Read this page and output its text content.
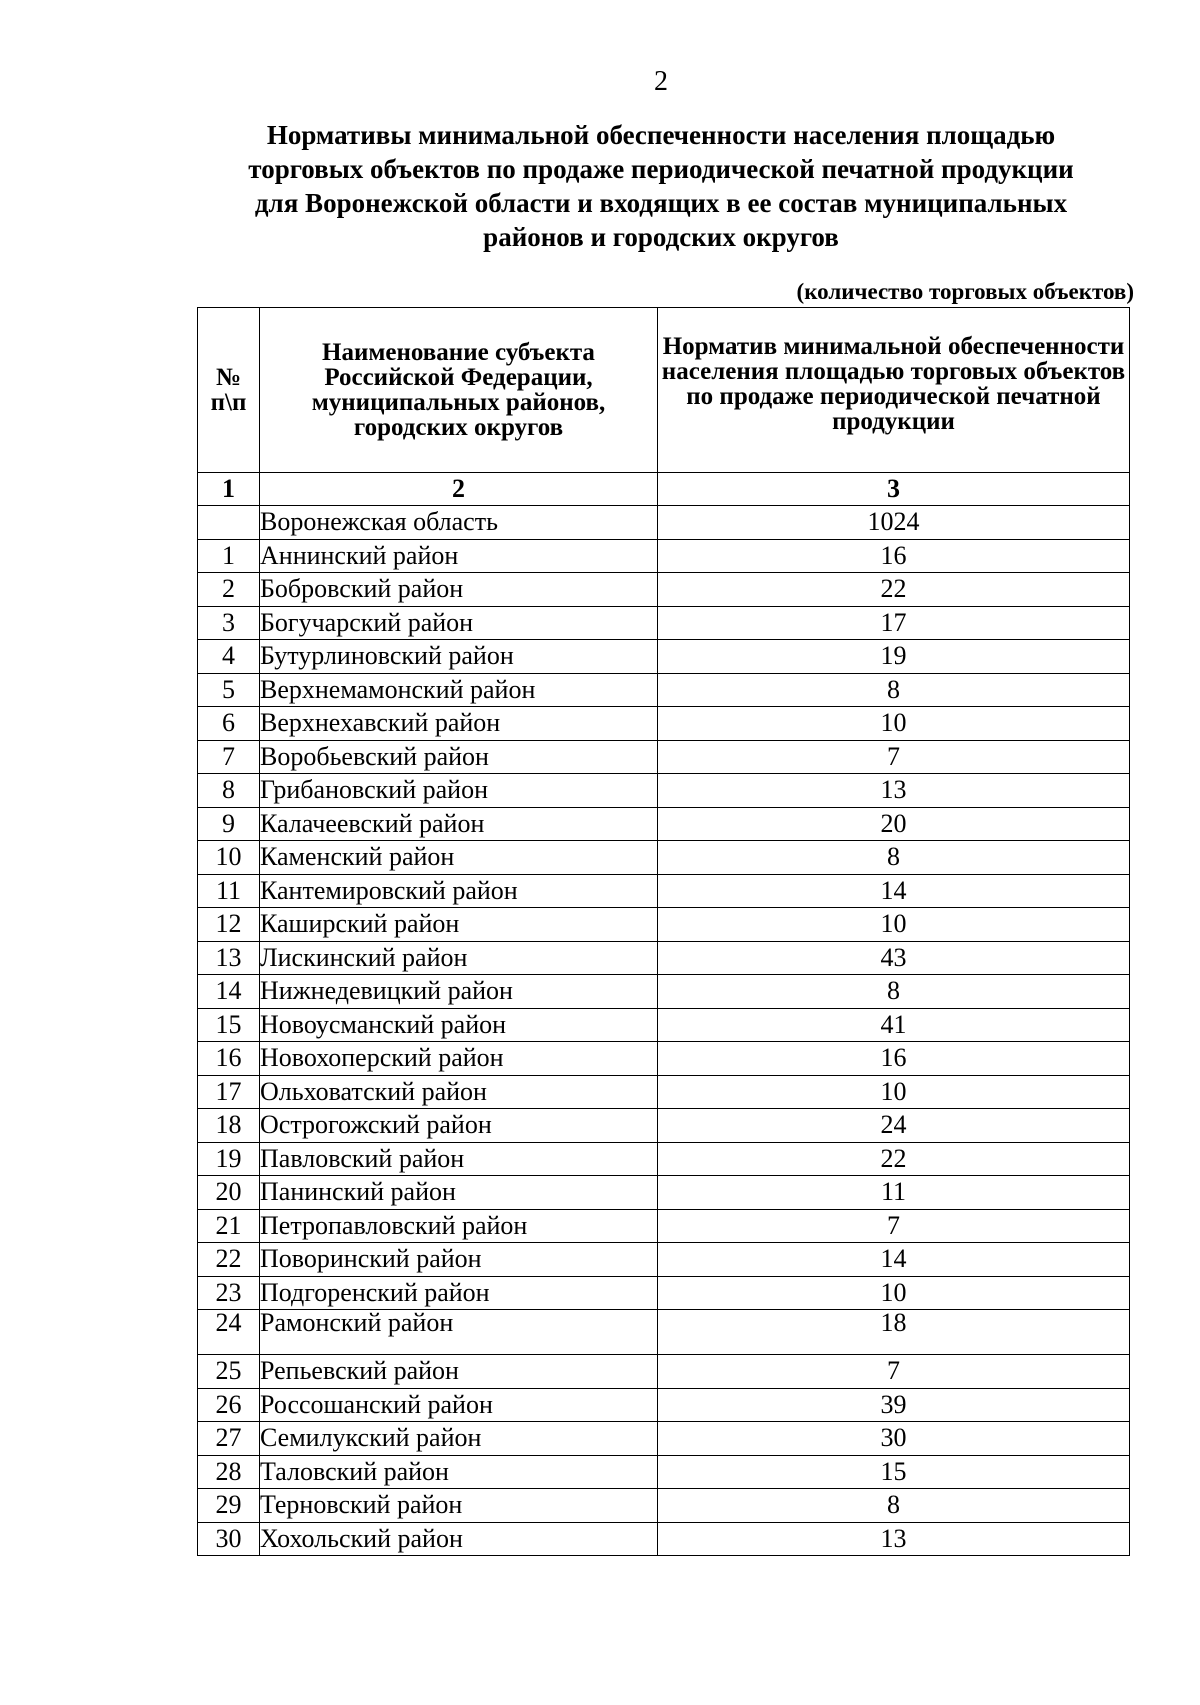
2
Нормативы минимальной обеспеченности населения площадью
торговых объектов по продаже периодической печатной продукции
для Воронежской области и входящих в ее состав муниципальных
районов и городских округов
(количество торговых объектов)
№ п\п	Наименование субъекта Российской Федерации, муниципальных районов, городских округов	Норматив минимальной обеспеченности населения площадью торговых объектов по продаже периодической печатной продукции

1	2	3
	Воронежская область	1024
1	Аннинский район	16
2	Бобровский район	22
3	Богучарский район	17
4	Бутурлиновский район	19
5	Верхнемамонский район	8
6	Верхнехавский район	10
7	Воробьевский район	7
8	Грибановский район	13
9	Калачеевский район	20
10	Каменский район	8
11	Кантемировский район	14
12	Каширский район	10
13	Лискинский район	43
14	Нижнедевицкий район	8
15	Новоусманский район	41
16	Новохоперский район	16
17	Ольховатский район	10
18	Острогожский район	24
19	Павловский район	22
20	Панинский район	11
21	Петропавловский район	7
22	Поворинский район	14
23	Подгоренский район	10
24	Рамонский район	18
25	Репьевский район	7
26	Россошанский район	39
27	Семилукский район	30
28	Таловский район	15
29	Терновский район	8
30	Хохольский район	13
